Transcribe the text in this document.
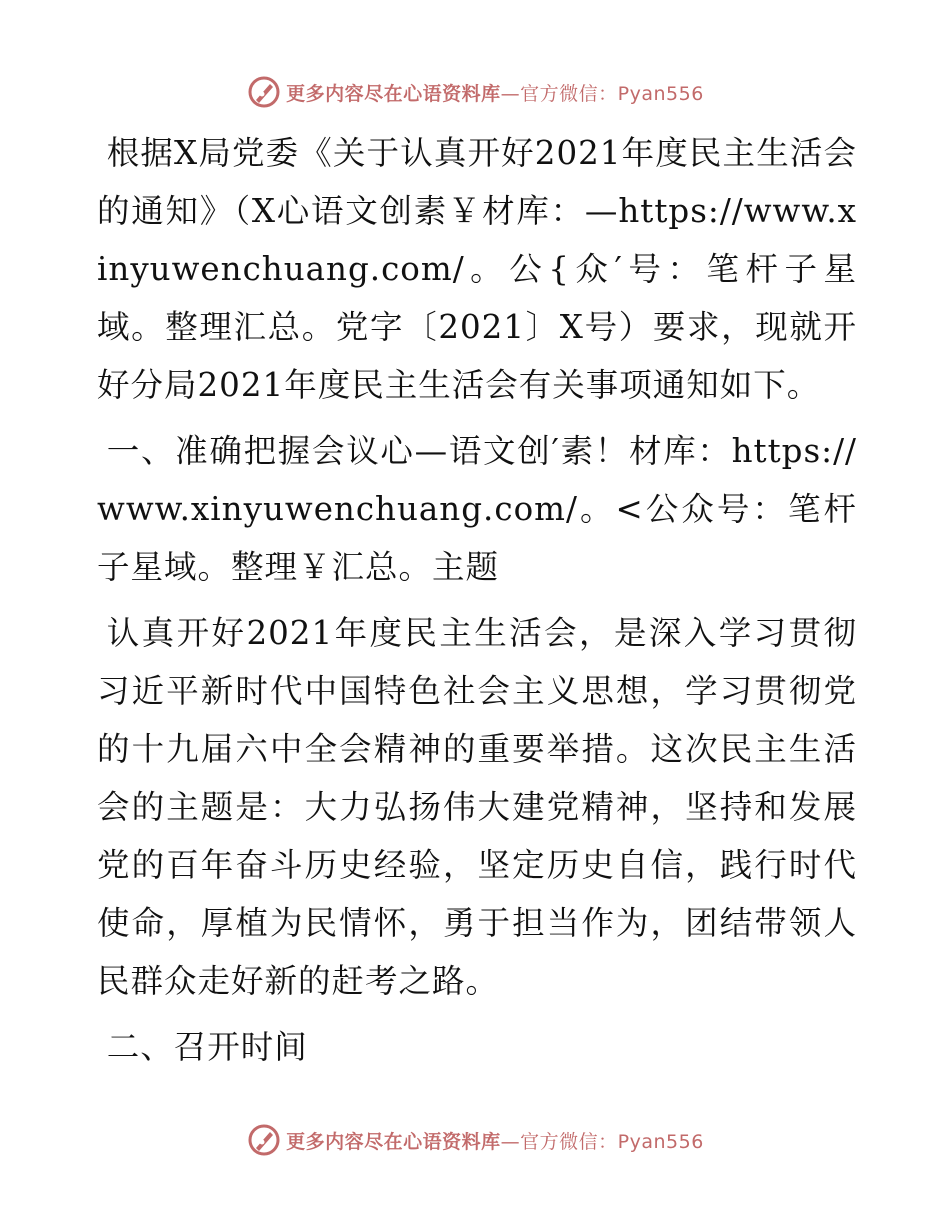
更多内容尽在心语资料库—官方微信：Pyan556

根据X局党委《关于认真开好2021年度民主生活会的通知》（X心语文创素￥材库：—https://www.xinyuwenchuang.com/。公{众′号：笔杆子星域。整理汇总。党字〔2021〕X号）要求，现就开好分局2021年度民主生活会有关事项通知如下。

一、准确把握会议心—语文创′素！材库：https://www.xinyuwenchuang.com/。<公众号：笔杆子星域。整理￥汇总。主题

认真开好2021年度民主生活会，是深入学习贯彻习近平新时代中国特色社会主义思想，学习贯彻党的十九届六中全会精神的重要举措。这次民主生活会的主题是：大力弘扬伟大建党精神，坚持和发展党的百年奋斗历史经验，坚定历史自信，践行时代使命，厚植为民情怀，勇于担当作为，团结带领人民群众走好新的赶考之路。

二、召开时间

更多内容尽在心语资料库—官方微信：Pyan556
